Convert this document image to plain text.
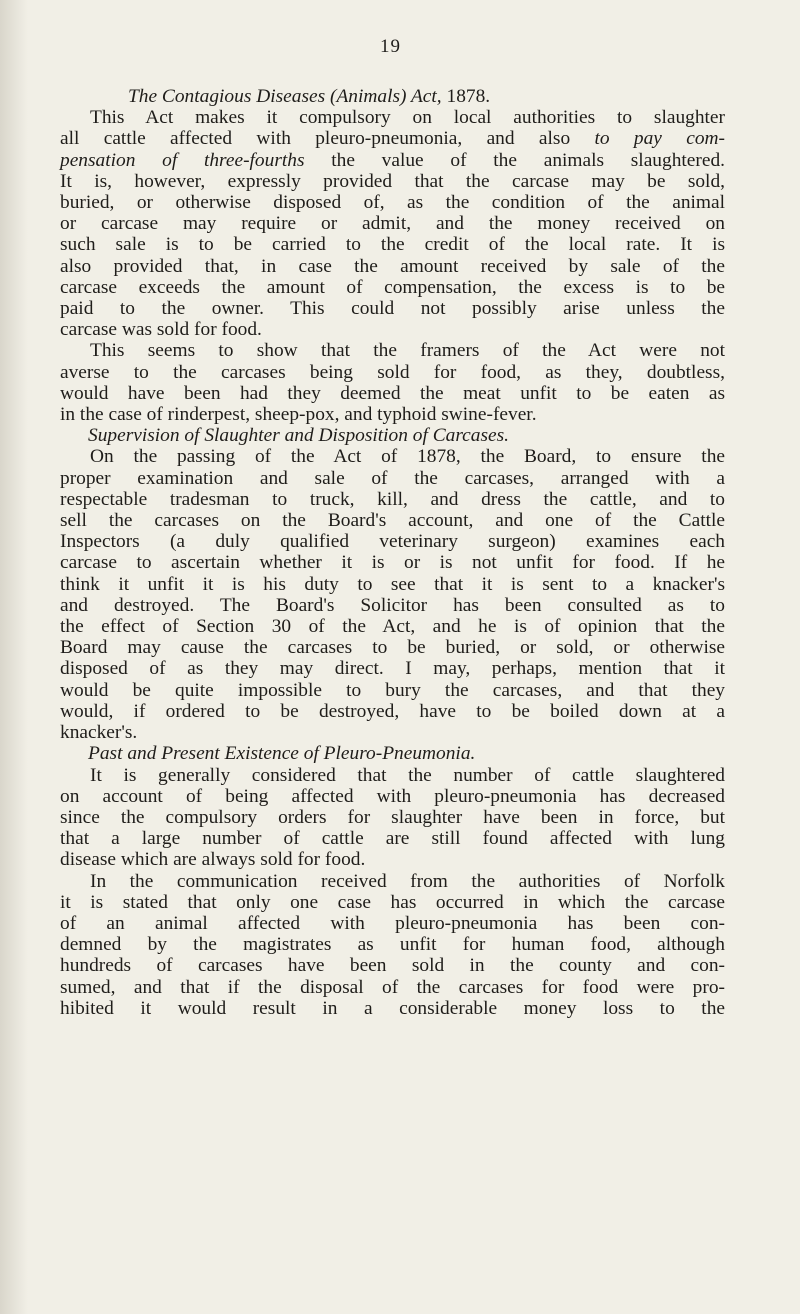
19
The Contagious Diseases (Animals) Act, 1878.
This Act makes it compulsory on local authorities to slaughter
all cattle affected with pleuro-pneumonia, and also to pay com-
pensation of three-fourths the value of the animals slaughtered.
It is, however, expressly provided that the carcase may be sold,
buried, or otherwise disposed of, as the condition of the animal
or carcase may require or admit, and the money received on
such sale is to be carried to the credit of the local rate. It is
also provided that, in case the amount received by sale of the
carcase exceeds the amount of compensation, the excess is to be
paid to the owner. This could not possibly arise unless the
carcase was sold for food.
This seems to show that the framers of the Act were not
averse to the carcases being sold for food, as they, doubtless,
would have been had they deemed the meat unfit to be eaten as
in the case of rinderpest, sheep-pox, and typhoid swine-fever.
Supervision of Slaughter and Disposition of Carcases.
On the passing of the Act of 1878, the Board, to ensure the
proper examination and sale of the carcases, arranged with a
respectable tradesman to truck, kill, and dress the cattle, and to
sell the carcases on the Board's account, and one of the Cattle
Inspectors (a duly qualified veterinary surgeon) examines each
carcase to ascertain whether it is or is not unfit for food. If he
think it unfit it is his duty to see that it is sent to a knacker's
and destroyed. The Board's Solicitor has been consulted as to
the effect of Section 30 of the Act, and he is of opinion that the
Board may cause the carcases to be buried, or sold, or otherwise
disposed of as they may direct. I may, perhaps, mention that it
would be quite impossible to bury the carcases, and that they
would, if ordered to be destroyed, have to be boiled down at a
knacker's.
Past and Present Existence of Pleuro-Pneumonia.
It is generally considered that the number of cattle slaughtered
on account of being affected with pleuro-pneumonia has decreased
since the compulsory orders for slaughter have been in force, but
that a large number of cattle are still found affected with lung
disease which are always sold for food.
In the communication received from the authorities of Norfolk
it is stated that only one case has occurred in which the carcase
of an animal affected with pleuro-pneumonia has been con-
demned by the magistrates as unfit for human food, although
hundreds of carcases have been sold in the county and con-
sumed, and that if the disposal of the carcases for food were pro-
hibited it would result in a considerable money loss to the
